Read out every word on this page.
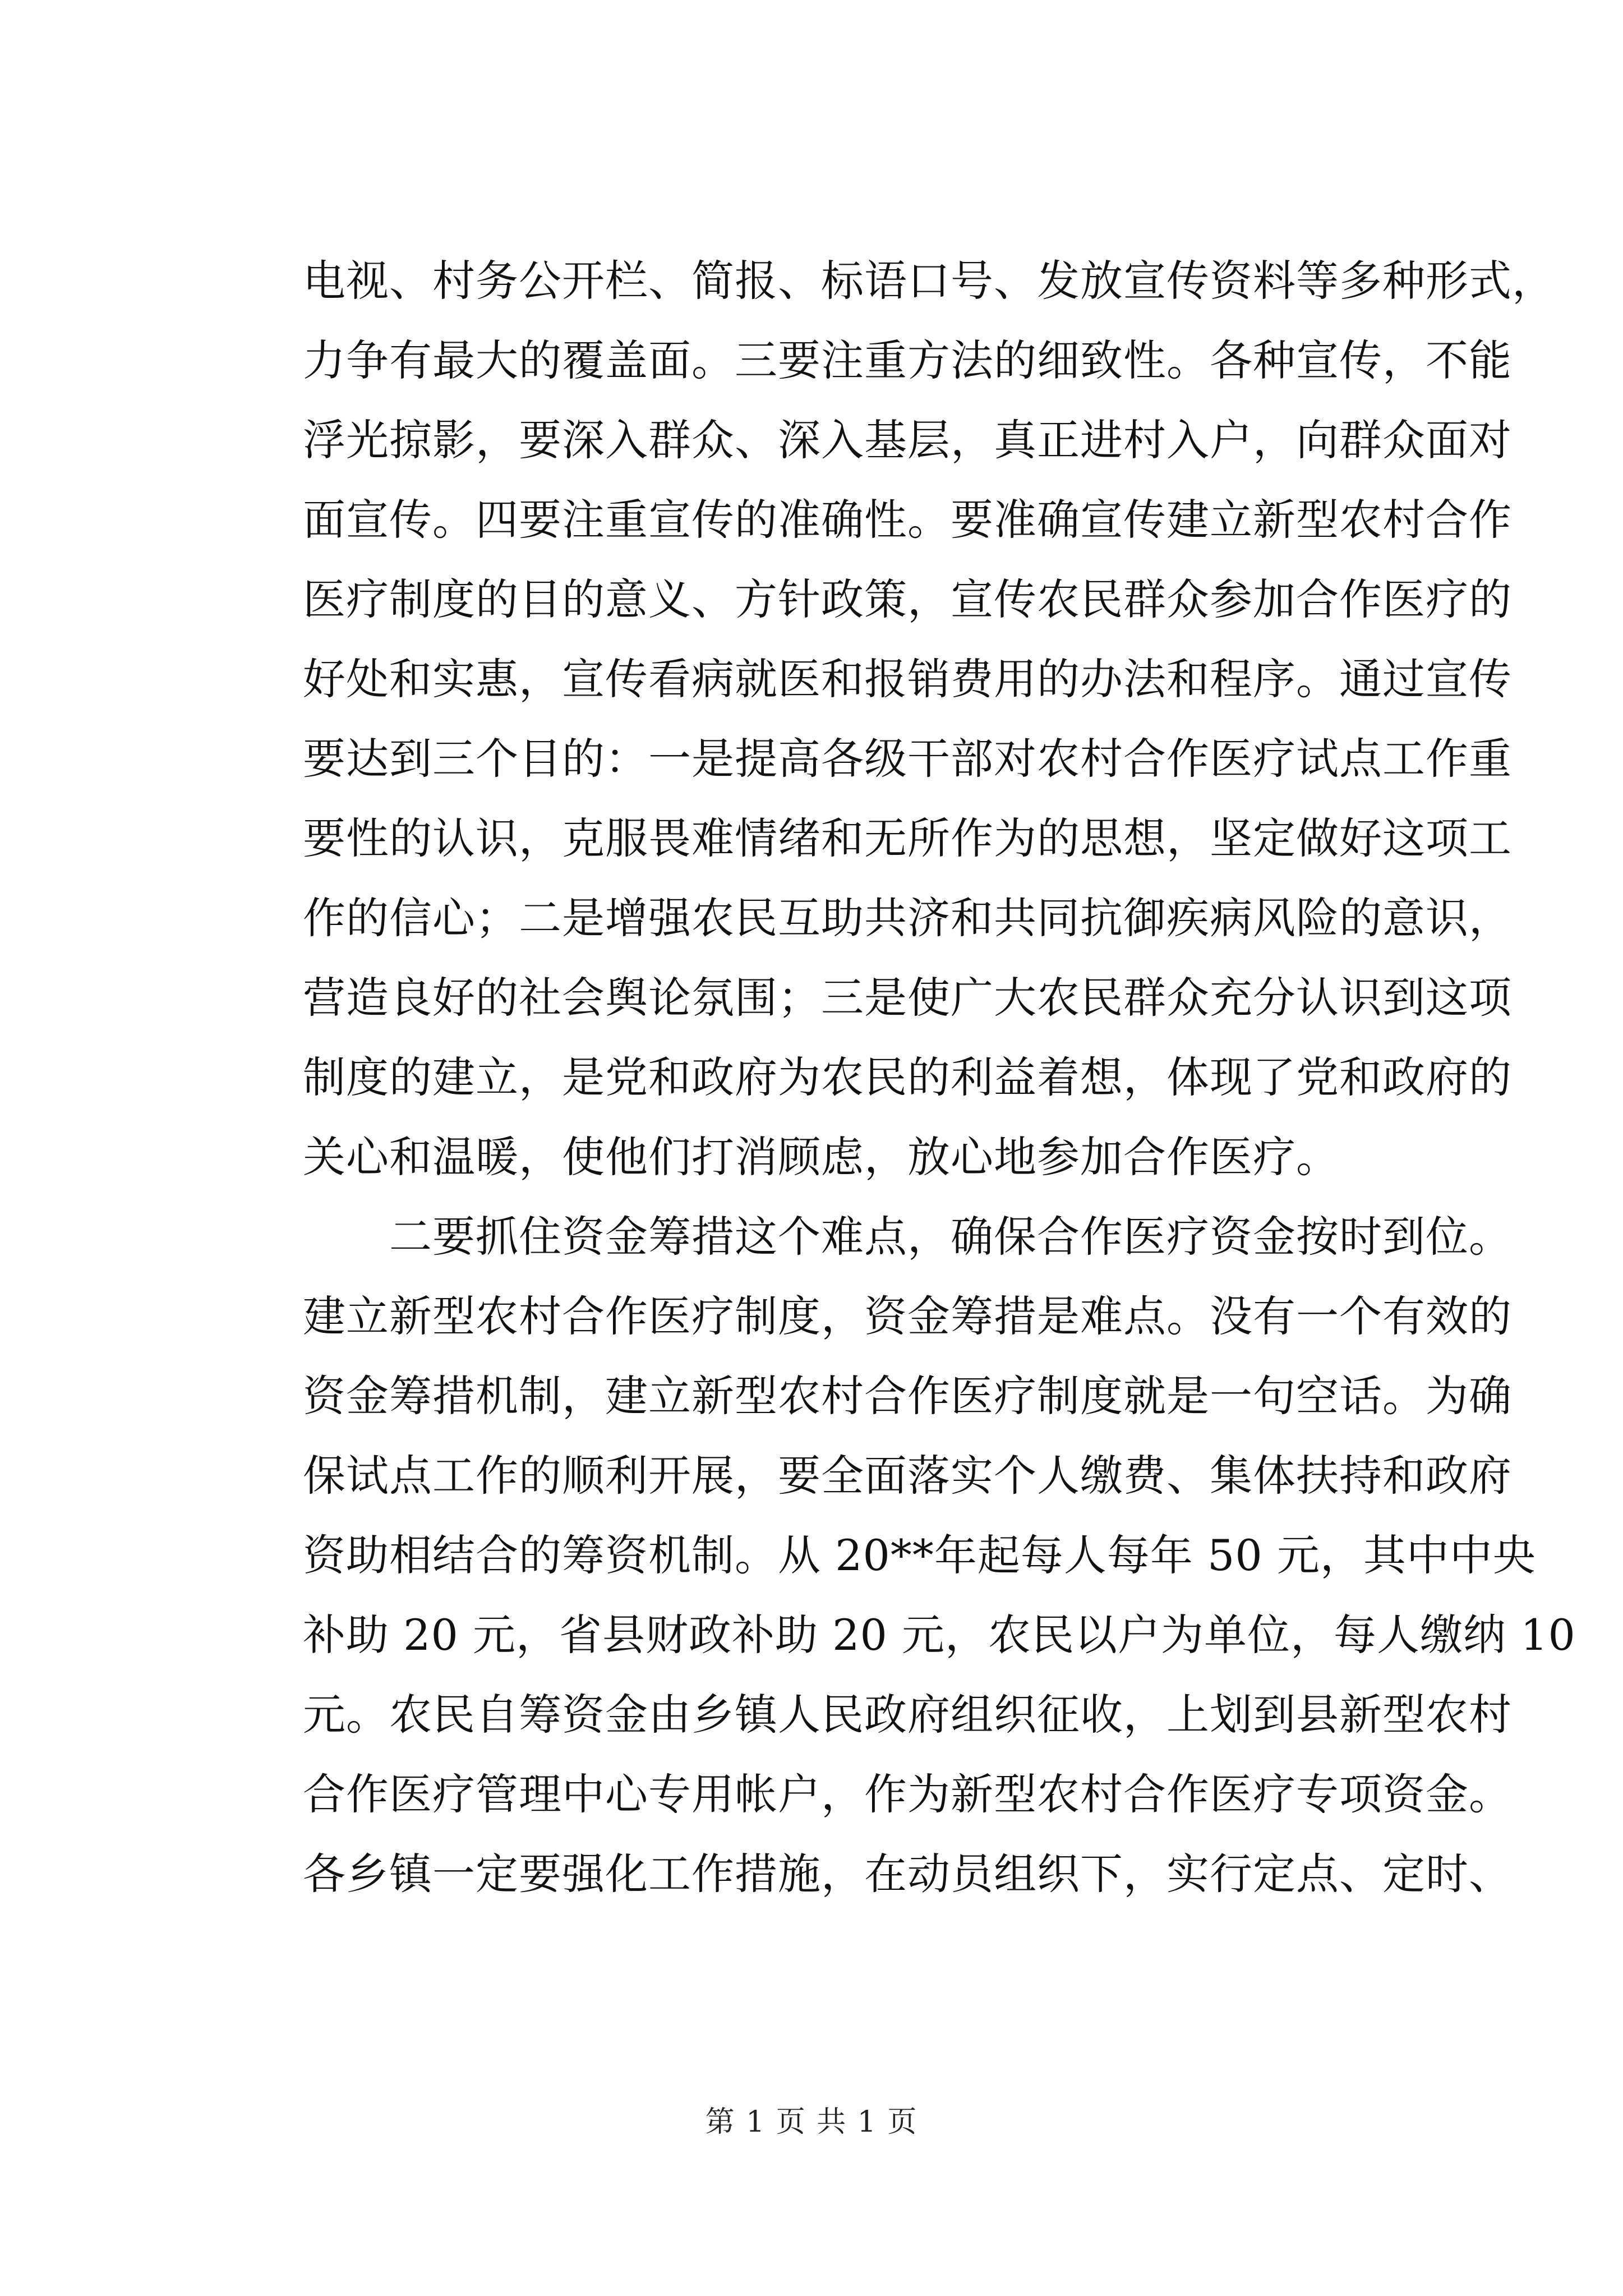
电视、村务公开栏、简报、标语口号、发放宣传资料等多种形式，
力争有最大的覆盖面。三要注重方法的细致性。各种宣传，不能
浮光掠影，要深入群众、深入基层，真正进村入户，向群众面对
面宣传。四要注重宣传的准确性。要准确宣传建立新型农村合作
医疗制度的目的意义、方针政策，宣传农民群众参加合作医疗的
好处和实惠，宣传看病就医和报销费用的办法和程序。通过宣传
要达到三个目的：一是提高各级干部对农村合作医疗试点工作重
要性的认识，克服畏难情绪和无所作为的思想，坚定做好这项工
作的信心；二是增强农民互助共济和共同抗御疾病风险的意识，
营造良好的社会舆论氛围；三是使广大农民群众充分认识到这项
制度的建立，是党和政府为农民的利益着想，体现了党和政府的
关心和温暖，使他们打消顾虑，放心地参加合作医疗。
　　二要抓住资金筹措这个难点，确保合作医疗资金按时到位。
建立新型农村合作医疗制度，资金筹措是难点。没有一个有效的
资金筹措机制，建立新型农村合作医疗制度就是一句空话。为确
保试点工作的顺利开展，要全面落实个人缴费、集体扶持和政府
资助相结合的筹资机制。从 20**年起每人每年 50 元，其中中央
补助 20 元，省县财政补助 20 元，农民以户为单位，每人缴纳 10
元。农民自筹资金由乡镇人民政府组织征收，上划到县新型农村
合作医疗管理中心专用帐户，作为新型农村合作医疗专项资金。
各乡镇一定要强化工作措施，在动员组织下，实行定点、定时、
第 1 页 共 1 页
